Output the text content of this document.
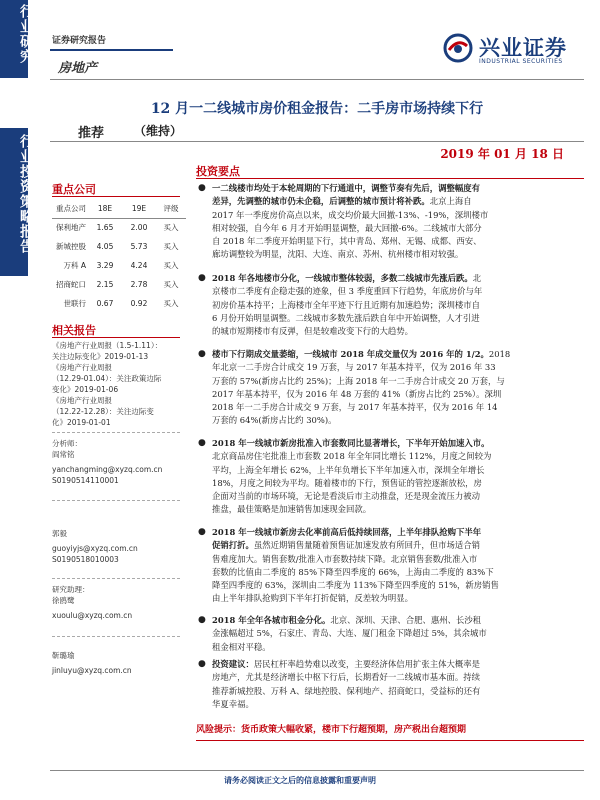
行业研究
行业投资策略报告
证券研究报告
房地产
兴业证券
INDUSTRIAL SECURITIES
12 月一二线城市房价租金报告：二手房市场持续下行
推荐 （维持）
2019 年 01 月 18 日
重点公司
重点公司	18E	19E	评级
保利地产	1.65	2.00	买入
新城控股	4.05	5.73	买入
万科 A	3.29	4.24	买入
招商蛇口	2.15	2.78	买入
世联行	0.67	0.92	买入
相关报告
《房地产行业周报（1.5-1.11）：
关注边际变化》2019-01-13
《房地产行业周报
（12.29-01.04）：关注政策边际
变化》2019-01-06
《房地产行业周报
（12.22-12.28）：关注边际变
化》2019-01-01
分析师：
阎常铭
yanchangming@xyzq.com.cn
S0190514110001
郭毅
guoyiyjs@xyzq.com.cn
S0190518010003
研究助理：
徐鸥鹭
xuoulu@xyzq.com.cn
靳璐瑜
jinluyu@xyzq.com.cn
投资要点
● 一二线楼市均处于本轮周期的下行通道中，调整节奏有先后，调整幅度有
差异，先调整的城市仍未企稳，后调整的城市预计将补跌。北京上海自
2017 年一季度房价高点以来，成交均价最大回撤-13%、-19%，深圳楼市
相对较强，自今年 6 月才开始明显调整，最大回撤-6%。二线城市大部分
自 2018 年二季度开始明显下行，其中青岛、郑州、无锡、成都、西安、
廊坊调整较为明显，沈阳、大连、南京、苏州、杭州楼市相对较强。
● 2018 年各地楼市分化，一线城市整体较弱，多数二线城市先涨后跌。北
京楼市二季度有企稳走强的迹象，但 3 季度重回下行趋势，年底房价与年
初房价基本持平；上海楼市全年平迹下行且近期有加速趋势；深圳楼市自
6 月份开始明显调整。二线城市多数先涨后跌自年中开始调整，人才引进
的城市短期楼市有反弹，但是较难改变下行的大趋势。
● 楼市下行期成交量萎缩，一线城市 2018 年成交量仅为 2016 年的 1/2。2018
年北京一二手房合计成交 19 万套，与 2017 年基本持平，仅为 2016 年 33
万套的 57%(新房占比约 25%)；上海 2018 年一二手房合计成交 20 万套，与
2017 年基本持平，仅为 2016 年 48 万套的 41%（新房占比约 25%）。深圳
2018 年一二手房合计成交 9 万套，与 2017 年基本持平，仅为 2016 年 14
万套的 64%(新房占比约 30%)。
● 2018 年一线城市新房批准入市套数同比显著增长，下半年开始加速入市。
北京商品房住宅批准上市套数 2018 年全年同比增长 112%，月度之间较为
平均，上海全年增长 62%，上半年负增长下半年加速入市，深圳全年增长
18%，月度之间较为平均。随着楼市的下行，预售证的管控逐渐放松，房
企面对当前的市场环境，无论是看淡后市主动推盘，还是现金流压力被动
推盘，最佳策略是加速销售加速现金回款。
● 2018 年一线城市新房去化率前高后低持续回落，上半年排队抢购下半年
促销打折。虽然近期销售量随着预售证加速发放有所回升，但市场适合销
售难度加大。销售套数/批准入市套数持续下降。北京销售套数/批准入市
套数的比值由二季度的 85%下降至四季度的 66%，上海由二季度的 83%下
降至四季度的 63%，深圳由二季度为 113%下降至四季度的 51%，新房销售
由上半年排队抢购到下半年打折促销，反差较为明显。
● 2018 年全年各城市租金分化。北京、深圳、天津、合肥、惠州、长沙租
金涨幅超过 5%，石家庄、青岛、大连、厦门租金下降超过 5%，其余城市
租金相对平稳。
● 投资建议：居民杠杆率趋势难以改变，主要经济体信用扩张主体大概率是
房地产，尤其是经济增长中枢下行后，长期看好一二线城市基本面。持续
推荐新城控股、万科 A、绿地控股、保利地产、招商蛇口，受益标的还有
华夏幸福。
风险提示：货币政策大幅收紧，楼市下行超预期，房产税出台超预期
请务必阅读正文之后的信息披露和重要声明
